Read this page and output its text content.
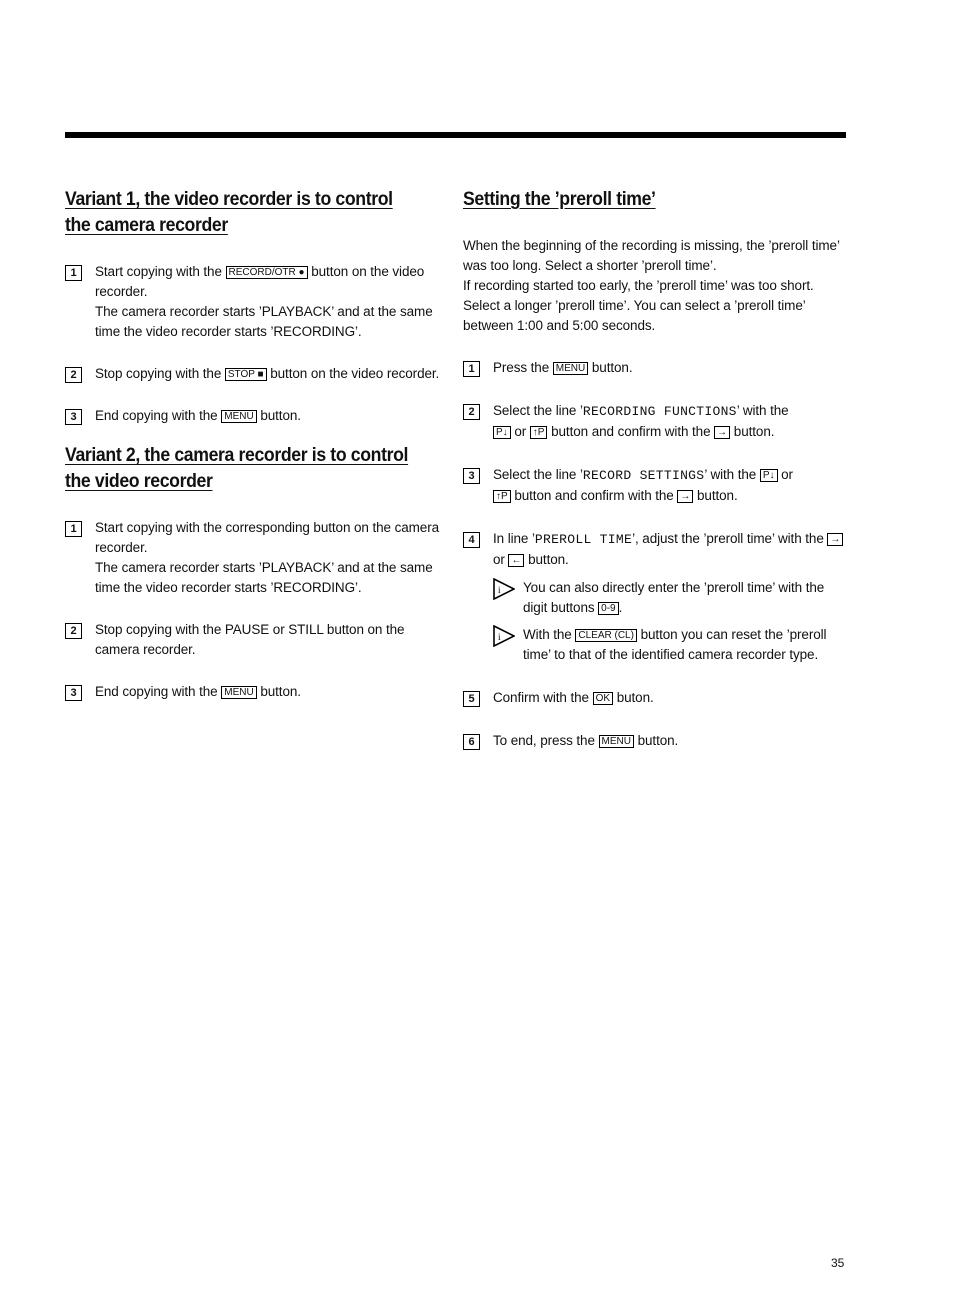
Variant 1, the video recorder is to control
the camera recorder
1	Start copying with the RECORD/OTR ● button on the video recorder.
The camera recorder starts ’PLAYBACK’ and at the same time the video recorder starts ’RECORDING’.
2	Stop copying with the STOP ■ button on the video recorder.
3	End copying with the MENU button.
Variant 2, the camera recorder is to control
the video recorder
1	Start copying with the corresponding button on the camera recorder.
The camera recorder starts ’PLAYBACK’ and at the same time the video recorder starts ’RECORDING’.
2	Stop copying with the PAUSE or STILL button on the camera recorder.
3	End copying with the MENU button.
Setting the ’preroll time’
When the beginning of the recording is missing, the ’preroll time’ was too long. Select a shorter ’preroll time’.
If recording started too early, the ’preroll time’ was too short. Select a longer ’preroll time’. You can select a ’preroll time’ between 1:00 and 5:00 seconds.
1	Press the MENU button.
2	Select the line ’RECORDING FUNCTIONS’ with the
P↓ or ↑P button and confirm with the → button.
3	Select the line ’RECORD SETTINGS’ with the P↓ or
↑P button and confirm with the → button.
4	In line ’PREROLL TIME’, adjust the ’preroll time’ with the → or ← button.
i You can also directly enter the ’preroll time’ with the digit buttons 0-9 .
i With the CLEAR (CL) button you can reset the ’preroll time’ to that of the identified camera recorder type.
5	Confirm with the OK buton.
6	To end, press the MENU button.
35
